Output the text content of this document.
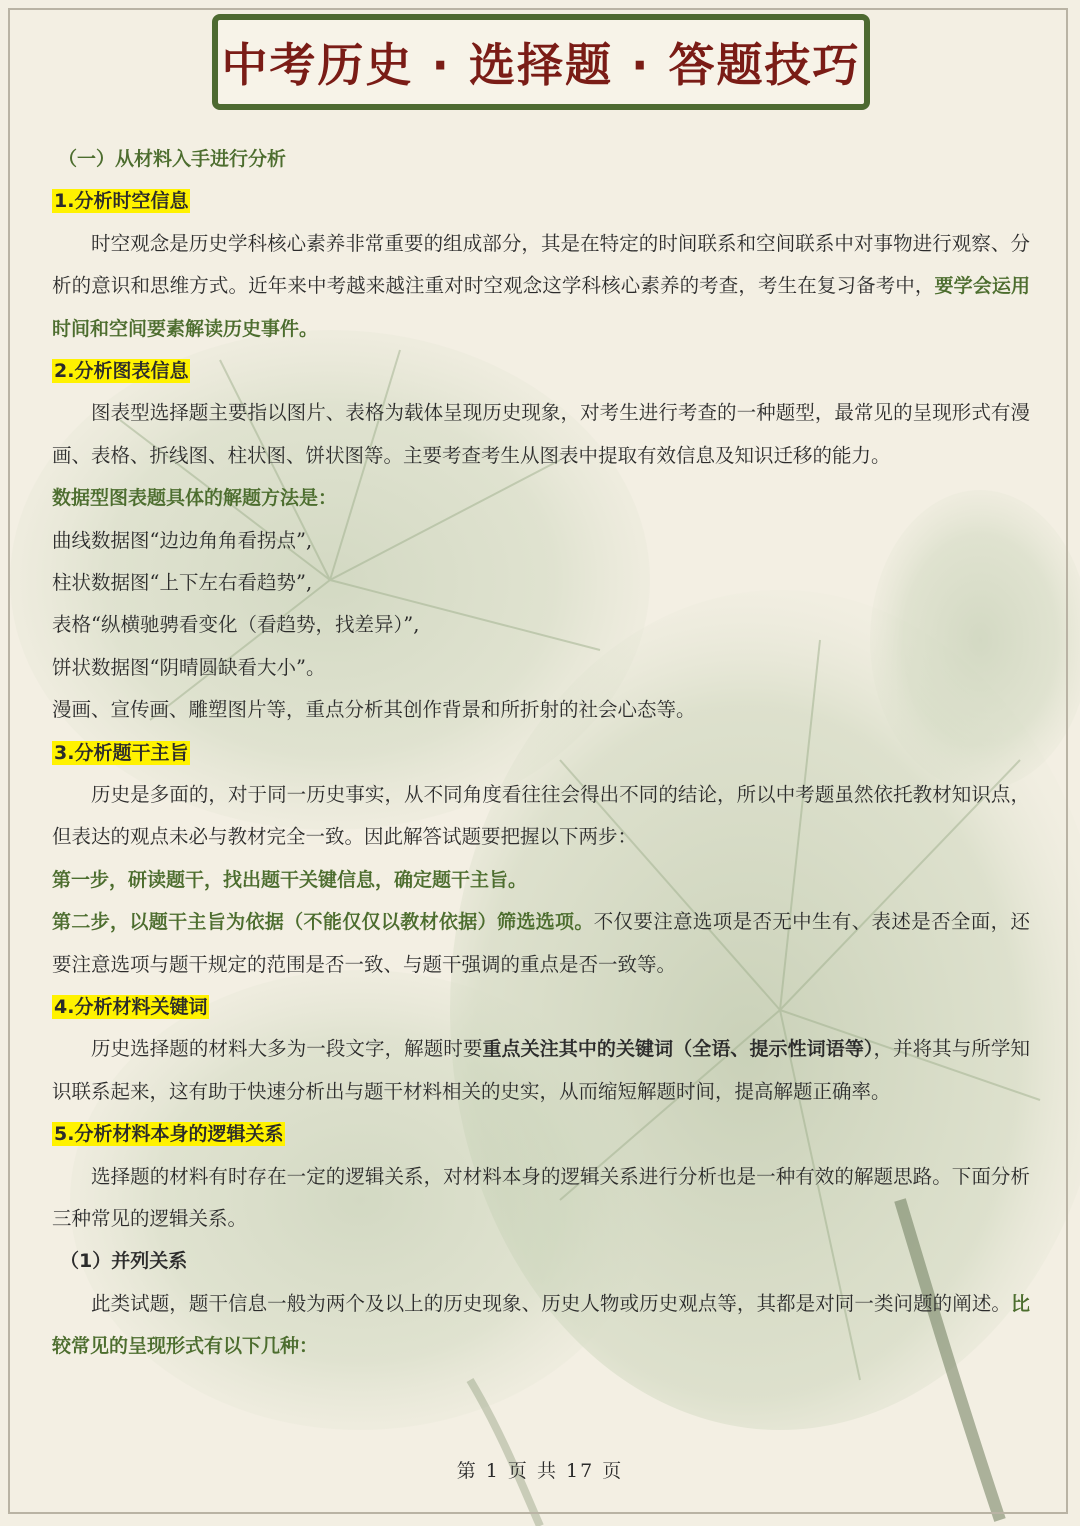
中考历史 · 选择题 · 答题技巧
（一）从材料入手进行分析
1.分析时空信息

时空观念是历史学科核心素养非常重要的组成部分，其是在特定的时间联系和空间联系中对事物进行观察、分析的意识和思维方式。近年来中考越来越注重对时空观念这学科核心素养的考查，考生在复习备考中，要学会运用时间和空间要素解读历史事件。

2.分析图表信息

图表型选择题主要指以图片、表格为载体呈现历史现象，对考生进行考查的一种题型，最常见的呈现形式有漫画、表格、折线图、柱状图、饼状图等。主要考查考生从图表中提取有效信息及知识迁移的能力。

数据型图表题具体的解题方法是：
曲线数据图“边边角角看拐点”,
柱状数据图“上下左右看趋势”,
表格“纵横驰骋看变化（看趋势，找差异）”,
饼状数据图“阴晴圆缺看大小”。
漫画、宣传画、雕塑图片等，重点分析其创作背景和所折射的社会心态等。
3.分析题干主旨

历史是多面的，对于同一历史事实，从不同角度看往往会得出不同的结论，所以中考题虽然依托教材知识点，但表达的观点未必与教材完全一致。因此解答试题要把握以下两步：

第一步，研读题干，找出题干关键信息，确定题干主旨。

第二步，以题干主旨为依据（不能仅仅以教材依据）筛选选项。不仅要注意选项是否无中生有、表述是否全面，还要注意选项与题干规定的范围是否一致、与题干强调的重点是否一致等。

4.分析材料关键词

历史选择题的材料大多为一段文字，解题时要重点关注其中的关键词（全语、提示性词语等），并将其与所学知识联系起来，这有助于快速分析出与题干材料相关的史实，从而缩短解题时间，提高解题正确率。

5.分析材料本身的逻辑关系

选择题的材料有时存在一定的逻辑关系，对材料本身的逻辑关系进行分析也是一种有效的解题思路。下面分析三种常见的逻辑关系。

（1）并列关系

此类试题，题干信息一般为两个及以上的历史现象、历史人物或历史观点等，其都是对同一类问题的阐述。比较常见的呈现形式有以下几种：

第 1 页 共 17 页
